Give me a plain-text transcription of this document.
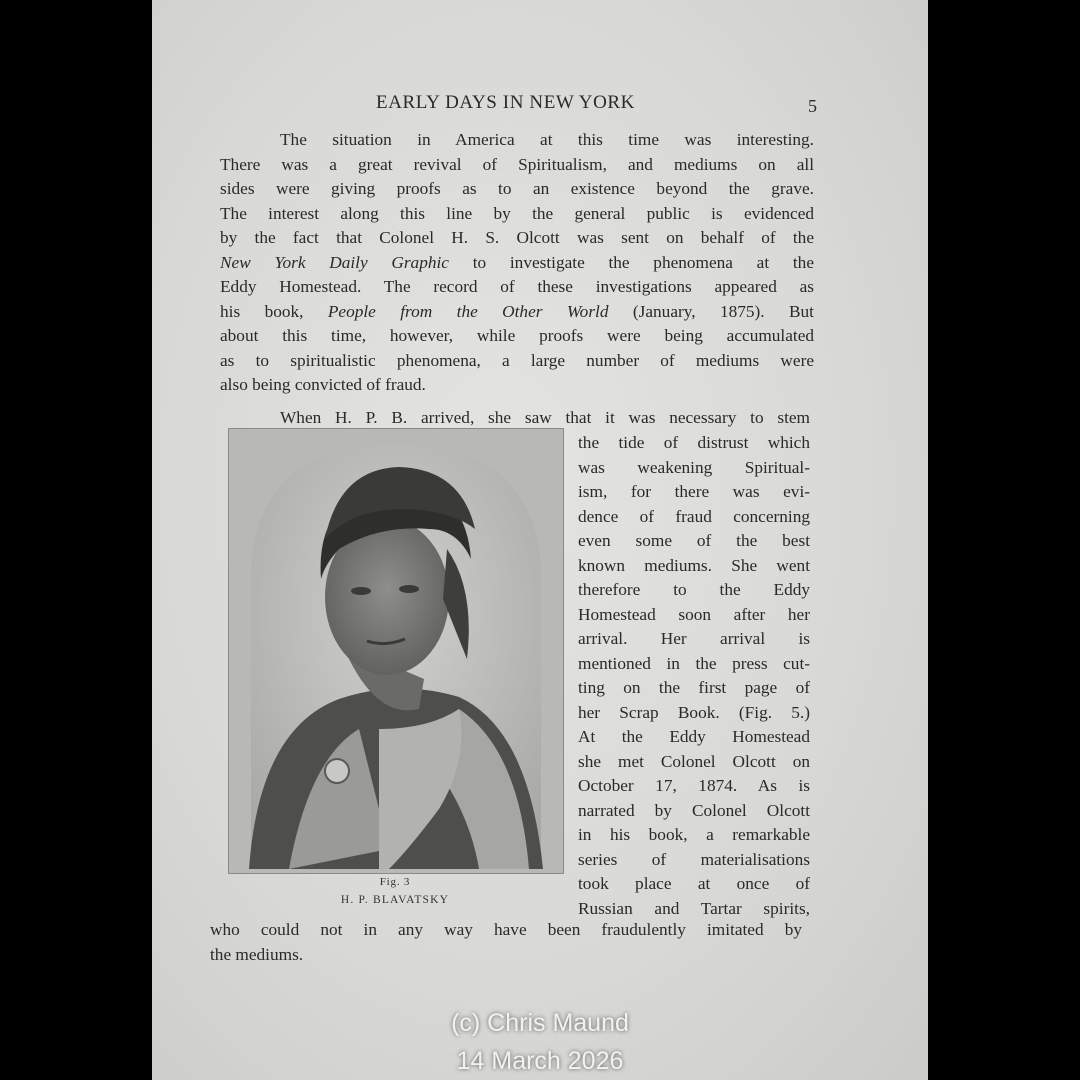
EARLY DAYS IN NEW YORK	5
The situation in America at this time was interesting.
There was a great revival of Spiritualism, and mediums on all
sides were giving proofs as to an existence beyond the grave.
The interest along this line by the general public is evidenced
by the fact that Colonel H. S. Olcott was sent on behalf of the
New York Daily Graphic to investigate the phenomena at the
Eddy Homestead. The record of these investigations appeared as
his book, People from the Other World (January, 1875). But
about this time, however, while proofs were being accumulated
as to spiritualistic phenomena, a large number of mediums were
also being convicted of fraud.
When H. P. B. arrived, she saw that it was necessary to stem
the tide of distrust which
was weakening Spiritual-
ism, for there was evi-
dence of fraud concerning
even some of the best
known mediums. She went
therefore to the Eddy
Homestead soon after her
arrival. Her arrival is
mentioned in the press cut-
ting on the first page of
her Scrap Book. (Fig. 5.)
At the Eddy Homestead
she met Colonel Olcott on
October 17, 1874. As is
narrated by Colonel Olcott
in his book, a remarkable
series of materialisations
took place at once of
Russian and Tartar spirits,
Fig. 3
H. P. BLAVATSKY
who could not in any way have been fraudulently imitated by
the mediums.
(c) Chris Maund
14 March 2026
